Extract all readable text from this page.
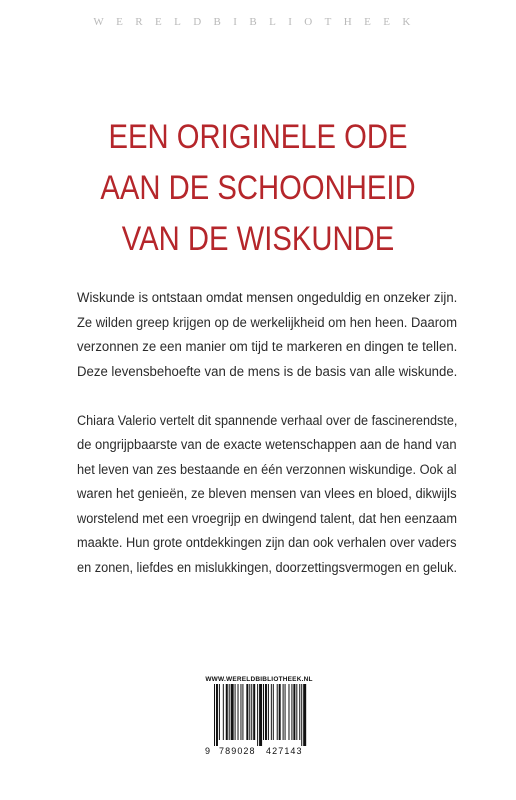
WERELDBIBLIOTHEEK
EEN ORIGINELE ODE
AAN DE SCHOONHEID
VAN DE WISKUNDE
Wiskunde is ontstaan omdat mensen ongeduldig en onzeker zijn.
Ze wilden greep krijgen op de werkelijkheid om hen heen. Daarom
verzonnen ze een manier om tijd te markeren en dingen te tellen.
Deze levensbehoefte van de mens is de basis van alle wiskunde.
Chiara Valerio vertelt dit spannende verhaal over de fascinerendste,
de ongrijpbaarste van de exacte wetenschappen aan de hand van
het leven van zes bestaande en één verzonnen wiskundige. Ook al
waren het genieën, ze bleven mensen van vlees en bloed, dikwijls
worstelend met een vroegrijp en dwingend talent, dat hen eenzaam
maakte. Hun grote ontdekkingen zijn dan ook verhalen over vaders
en zonen, liefdes en mislukkingen, doorzettingsvermogen en geluk.
WWW.WERELDBIBLIOTHEEK.NL
9 789028 427143
